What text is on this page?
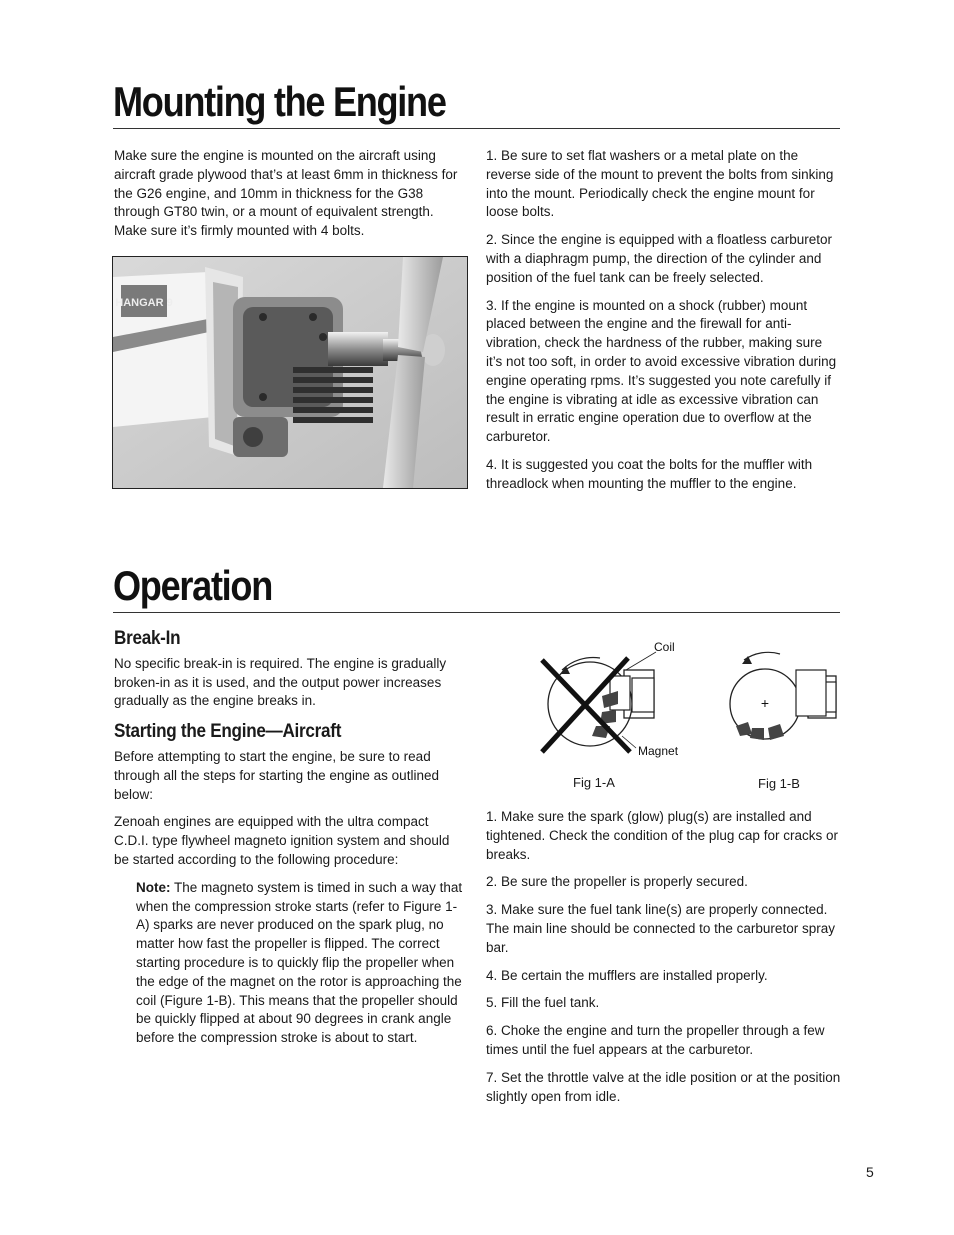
Mounting the Engine

Make sure the engine is mounted on the aircraft using aircraft grade plywood that’s at least 6mm in thickness for the G26 engine, and 10mm in thickness for the G38 through GT80 twin, or a mount of equivalent strength. Make sure it’s firmly mounted with 4 bolts.

HANGAR 9

1. Be sure to set flat washers or a metal plate on the reverse side of the mount to prevent the bolts from sinking into the mount. Periodically check the engine mount for loose bolts.

2. Since the engine is equipped with a floatless carburetor with a diaphragm pump, the direction of the cylinder and position of the fuel tank can be freely selected.

3. If the engine is mounted on a shock (rubber) mount placed between the engine and the firewall for anti-vibration, check the hardness of the rubber, making sure it’s not too soft, in order to avoid excessive vibration during engine operating rpms. It’s suggested you note carefully if the engine is vibrating at idle as excessive vibration can result in erratic engine operation due to overflow at the carburetor.

4. It is suggested you coat the bolts for the muffler with threadlock when mounting the muffler to the engine.

Operation
Break-In

No specific break-in is required. The engine is gradually broken-in as it is used, and the output power increases gradually as the engine breaks in.

Starting the Engine—Aircraft

Before attempting to start the engine, be sure to read through all the steps for starting the engine as outlined below:

Zenoah engines are equipped with the ultra compact C.D.I. type flywheel magneto ignition system and should be started according to the following procedure:

Note: The magneto system is timed in such a way that when the compression stroke starts (refer to Figure 1-A) sparks are never produced on the spark plug, no matter how fast the propeller is flipped. The correct starting procedure is to quickly flip the propeller when the edge of the magnet on the rotor is approaching the coil (Figure 1-B). This means that the propeller should be quickly flipped at about 90 degrees in crank angle before the compression stroke is about to start.

Coil
Magnet
+
Fig 1-A	Fig 1-B

1. Make sure the spark (glow) plug(s) are installed and tightened. Check the condition of the plug cap for cracks or breaks.

2. Be sure the propeller is properly secured.

3. Make sure the fuel tank line(s) are properly connected. The main line should be connected to the carburetor spray bar.

4. Be certain the mufflers are installed properly.

5. Fill the fuel tank.

6. Choke the engine and turn the propeller through a few times until the fuel appears at the carburetor.

7. Set the throttle valve at the idle position or at the position slightly open from idle.

5
